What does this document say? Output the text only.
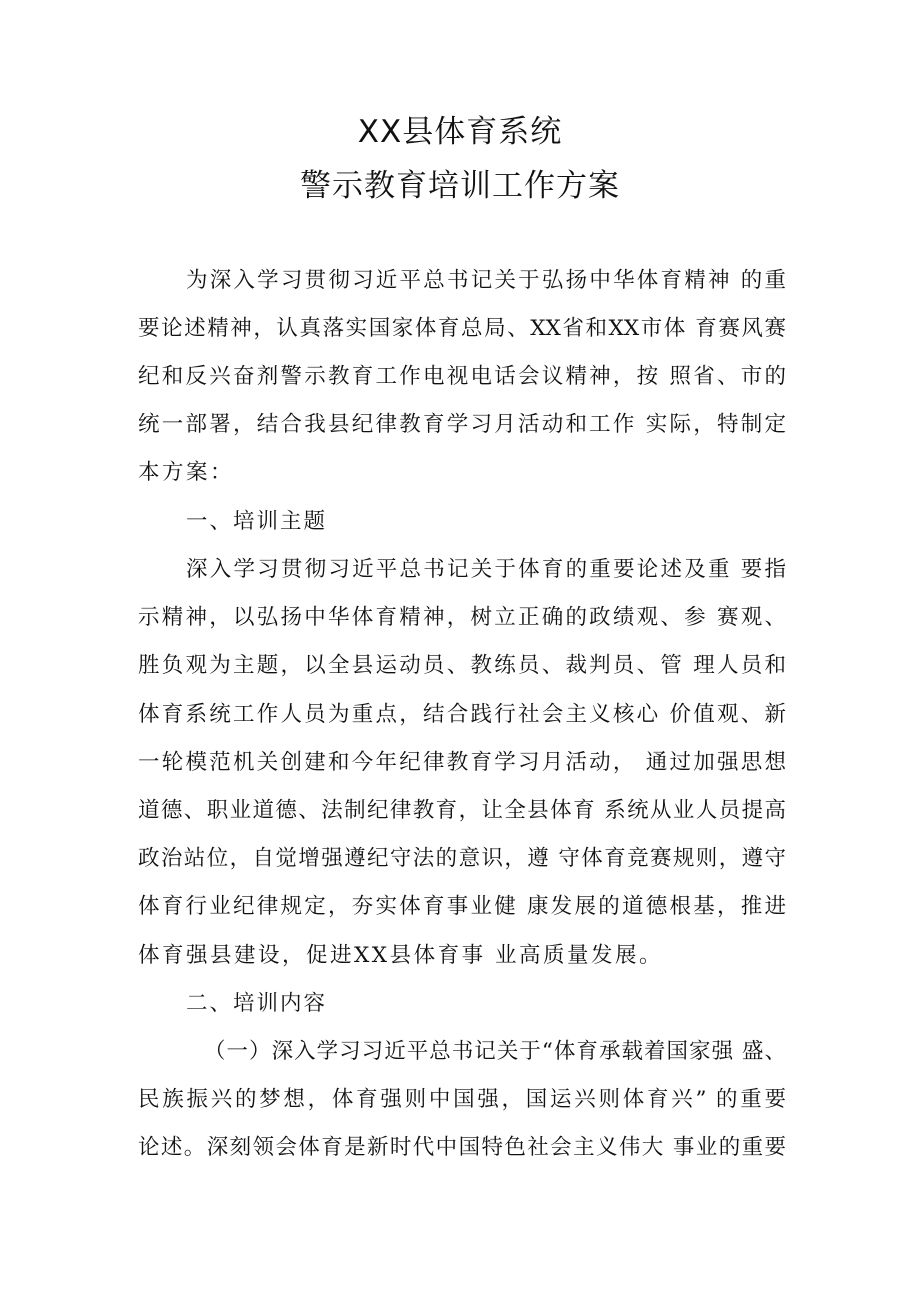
XX县体育系统
警示教育培训工作方案
为深入学习贯彻习近平总书记关于弘扬中华体育精神 的重
要论述精神，认真落实国家体育总局、XX省和XX市体 育赛风赛
纪和反兴奋剂警示教育工作电视电话会议精神，按 照省、市的
统一部署，结合我县纪律教育学习月活动和工作 实际，特制定
本方案：
一、培训主题
深入学习贯彻习近平总书记关于体育的重要论述及重 要指
示精神，以弘扬中华体育精神，树立正确的政绩观、参 赛观、
胜负观为主题，以全县运动员、教练员、裁判员、管 理人员和
体育系统工作人员为重点，结合践行社会主义核心 价值观、新
一轮模范机关创建和今年纪律教育学习月活动， 通过加强思想
道德、职业道德、法制纪律教育，让全县体育 系统从业人员提高
政治站位，自觉增强遵纪守法的意识，遵 守体育竞赛规则，遵守
体育行业纪律规定，夯实体育事业健 康发展的道德根基，推进
体育强县建设，促进XX县体育事 业高质量发展。
二、培训内容
（一）深入学习习近平总书记关于“体育承载着国家强 盛、
民族振兴的梦想，体育强则中国强，国运兴则体育兴” 的重要
论述。深刻领会体育是新时代中国特色社会主义伟大 事业的重要
